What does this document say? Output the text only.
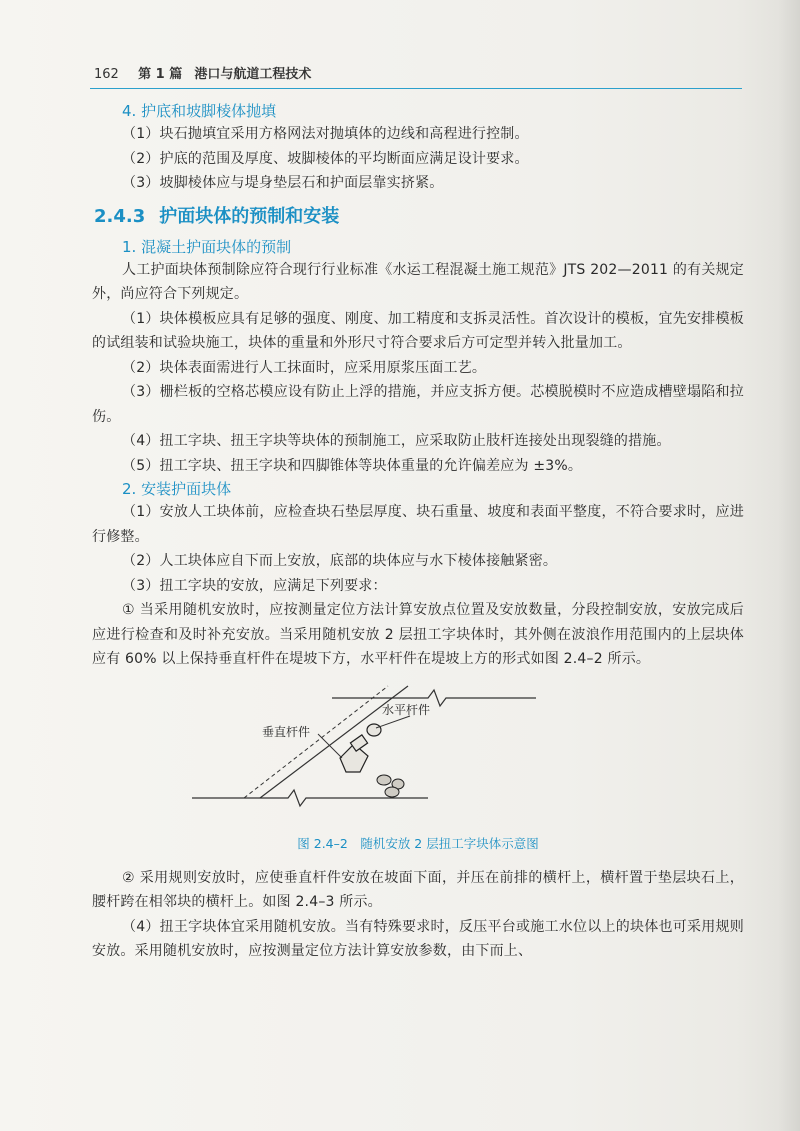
162 第 1 篇 港口与航道工程技术
4. 护底和坡脚棱体抛填

（1）块石抛填宜采用方格网法对抛填体的边线和高程进行控制。

（2）护底的范围及厚度、坡脚棱体的平均断面应满足设计要求。

（3）坡脚棱体应与堤身垫层石和护面层靠实挤紧。

2.4.3 护面块体的预制和安装
1. 混凝土护面块体的预制

人工护面块体预制除应符合现行行业标准《水运工程混凝土施工规范》JTS 202—2011 的有关规定外，尚应符合下列规定。

（1）块体模板应具有足够的强度、刚度、加工精度和支拆灵活性。首次设计的模板，宜先安排模板的试组装和试验块施工，块体的重量和外形尺寸符合要求后方可定型并转入批量加工。

（2）块体表面需进行人工抹面时，应采用原浆压面工艺。

（3）栅栏板的空格芯模应设有防止上浮的措施，并应支拆方便。芯模脱模时不应造成槽壁塌陷和拉伤。

（4）扭工字块、扭王字块等块体的预制施工，应采取防止肢杆连接处出现裂缝的措施。

（5）扭工字块、扭王字块和四脚锥体等块体重量的允许偏差应为 ±3%。

2. 安装护面块体

（1）安放人工块体前，应检查块石垫层厚度、块石重量、坡度和表面平整度，不符合要求时，应进行修整。

（2）人工块体应自下而上安放，底部的块体应与水下棱体接触紧密。

（3）扭工字块的安放，应满足下列要求：

① 当采用随机安放时，应按测量定位方法计算安放点位置及安放数量，分段控制安放，安放完成后应进行检查和及时补充安放。当采用随机安放 2 层扭工字块体时，其外侧在波浪作用范围内的上层块体应有 60% 以上保持垂直杆件在堤坡下方，水平杆件在堤坡上方的形式如图 2.4–2 所示。

垂直杆件
水平杆件
图 2.4–2　随机安放 2 层扭工字块体示意图

② 采用规则安放时，应使垂直杆件安放在坡面下面，并压在前排的横杆上，横杆置于垫层块石上，腰杆跨在相邻块的横杆上。如图 2.4–3 所示。

（4）扭王字块体宜采用随机安放。当有特殊要求时，反压平台或施工水位以上的块体也可采用规则安放。采用随机安放时，应按测量定位方法计算安放参数，由下而上、
